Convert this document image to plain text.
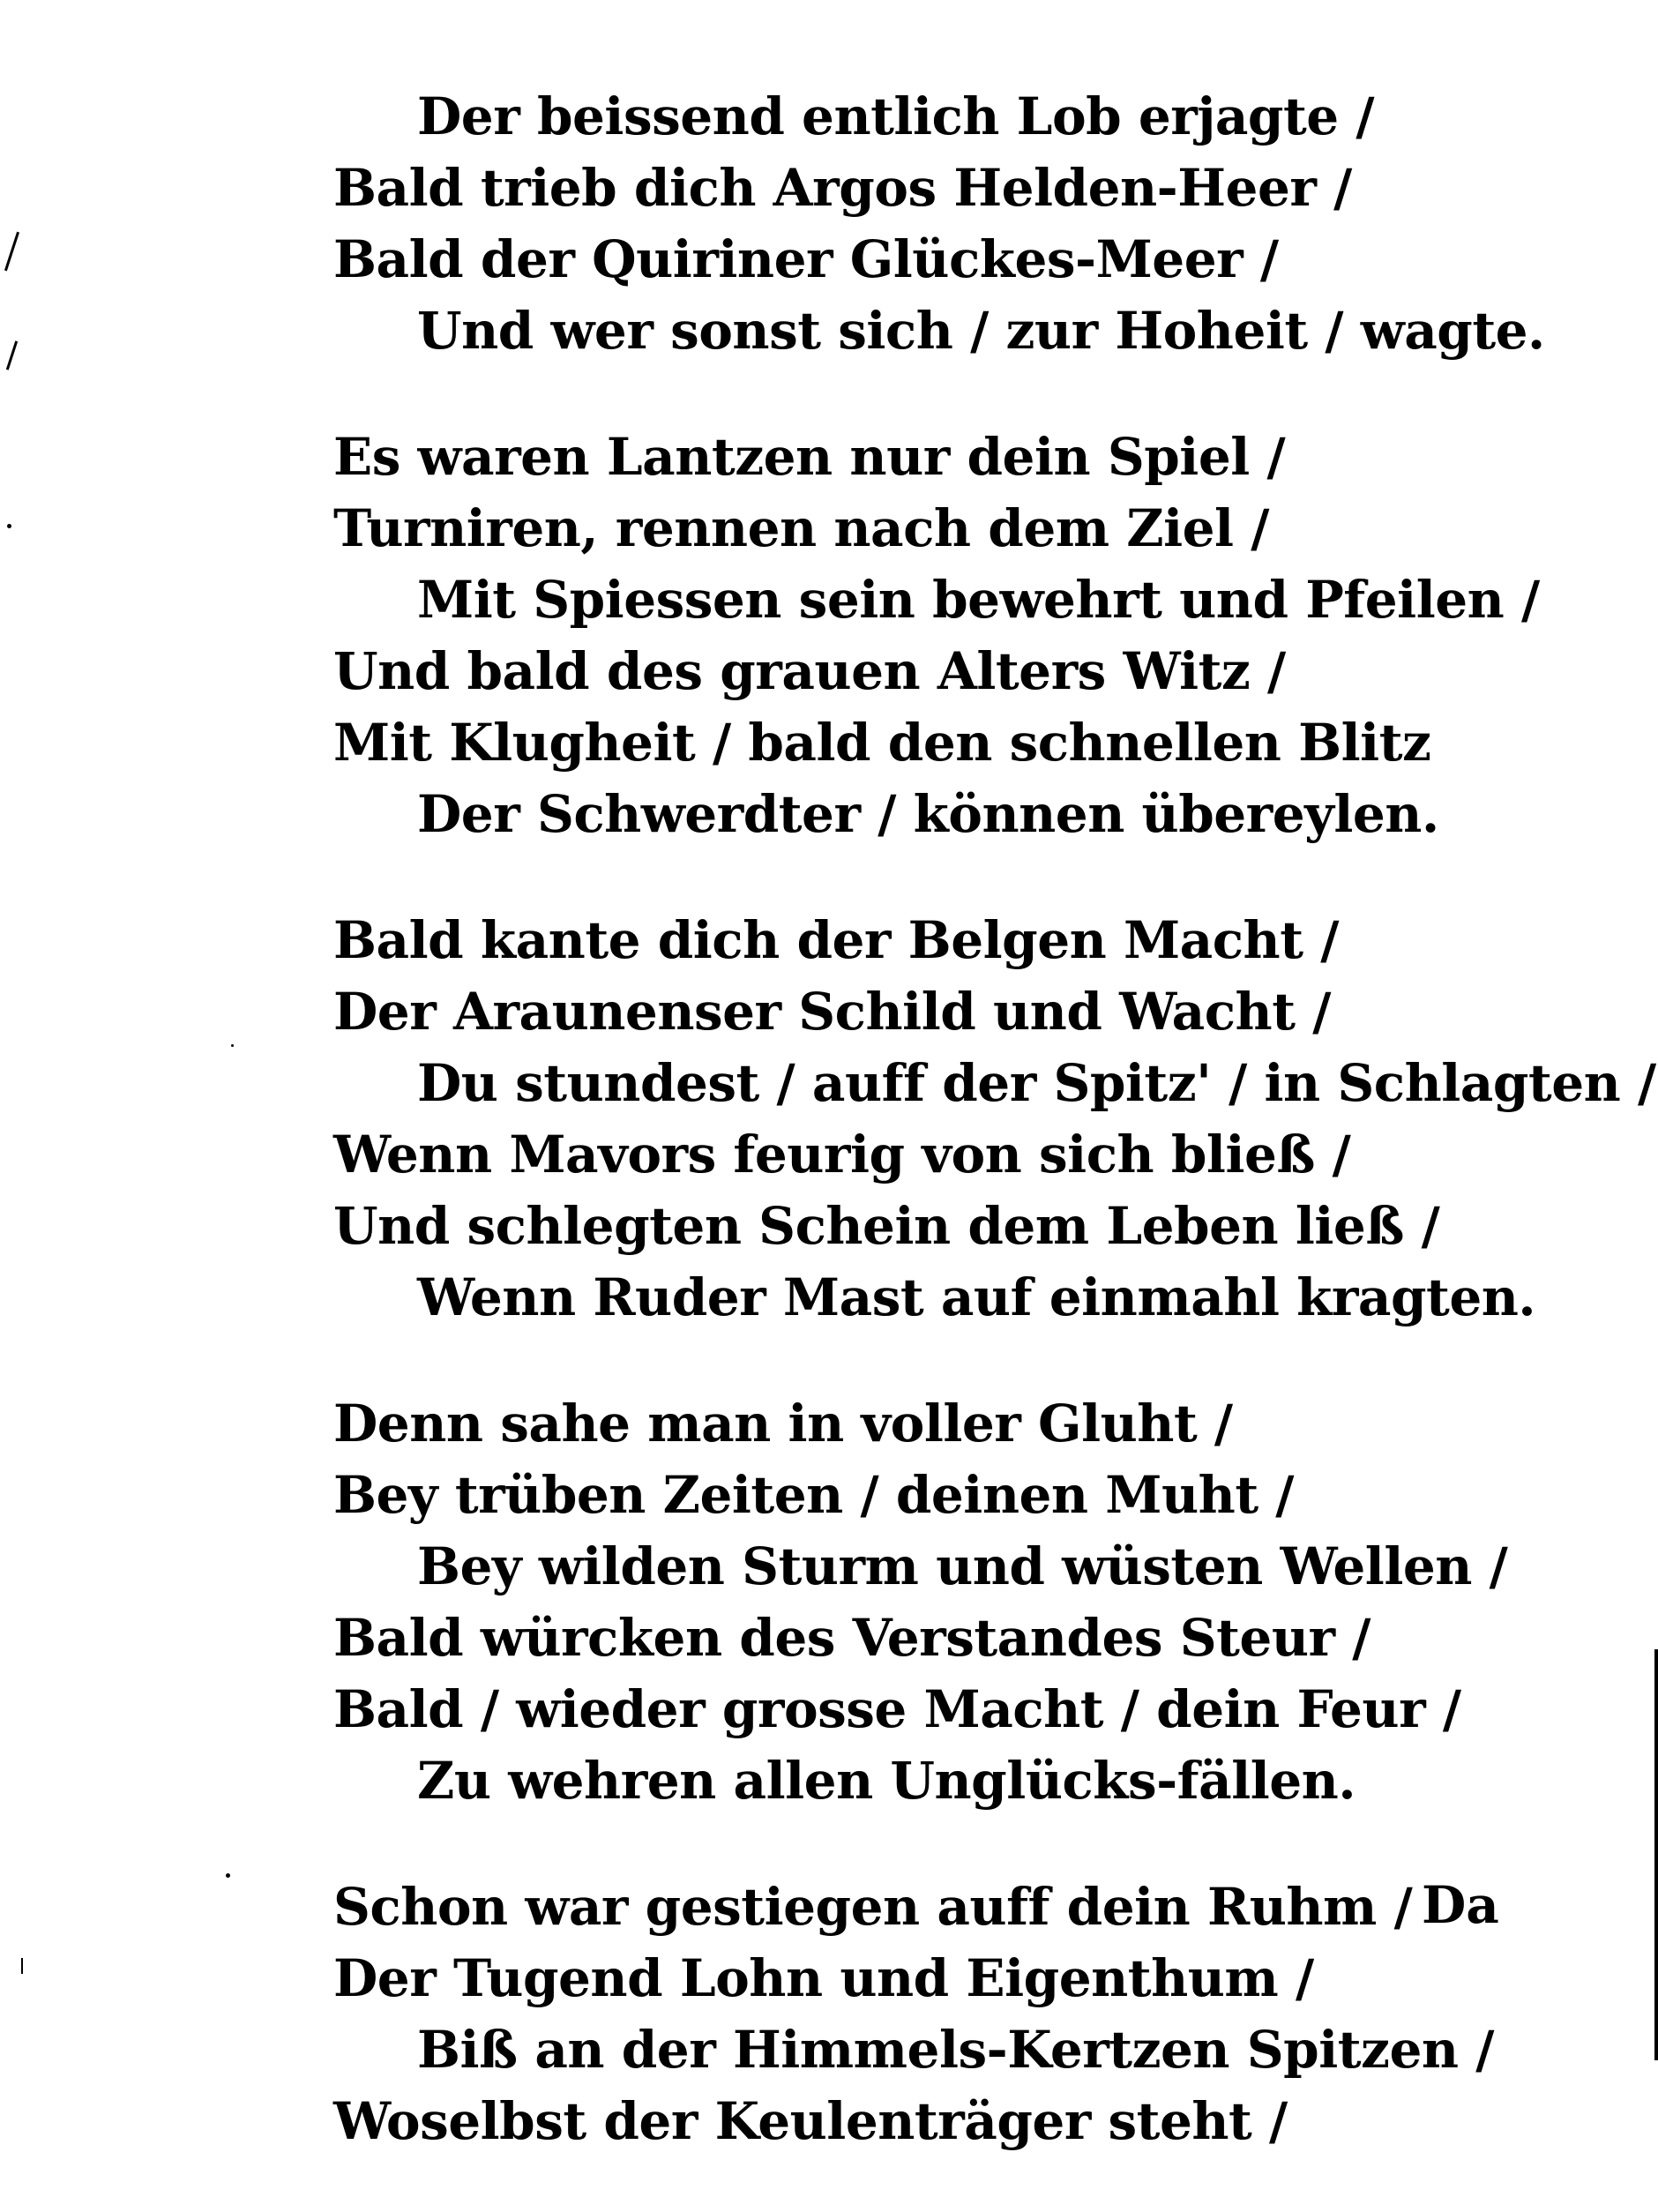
Der beissend entlich Lob erjagte /
Bald trieb dich Argos Helden-Heer /
Bald der Quiriner Glückes-Meer /
Und wer sonst sich / zur Hoheit / wagte.
Es waren Lantzen nur dein Spiel /
Turniren, rennen nach dem Ziel /
Mit Spiessen sein bewehrt und Pfeilen /
Und bald des grauen Alters Witz /
Mit Klugheit / bald den schnellen Blitz
Der Schwerdter / können übereylen.
Bald kante dich der Belgen Macht /
Der Araunenser Schild und Wacht /
Du stundest / auff der Spitz' / in Schlagten /
Wenn Mavors feurig von sich bließ /
Und schlegten Schein dem Leben ließ /
Wenn Ruder Mast auf einmahl kragten.
Denn sahe man in voller Gluht /
Bey trüben Zeiten / deinen Muht /
Bey wilden Sturm und wüsten Wellen /
Bald würcken des Verstandes Steur /
Bald / wieder grosse Macht / dein Feur /
Zu wehren allen Unglücks-fällen.
Schon war gestiegen auff dein Ruhm /
Der Tugend Lohn und Eigenthum /
Biß an der Himmels-Kertzen Spitzen /
Woselbst der Keulenträger steht /
Da
